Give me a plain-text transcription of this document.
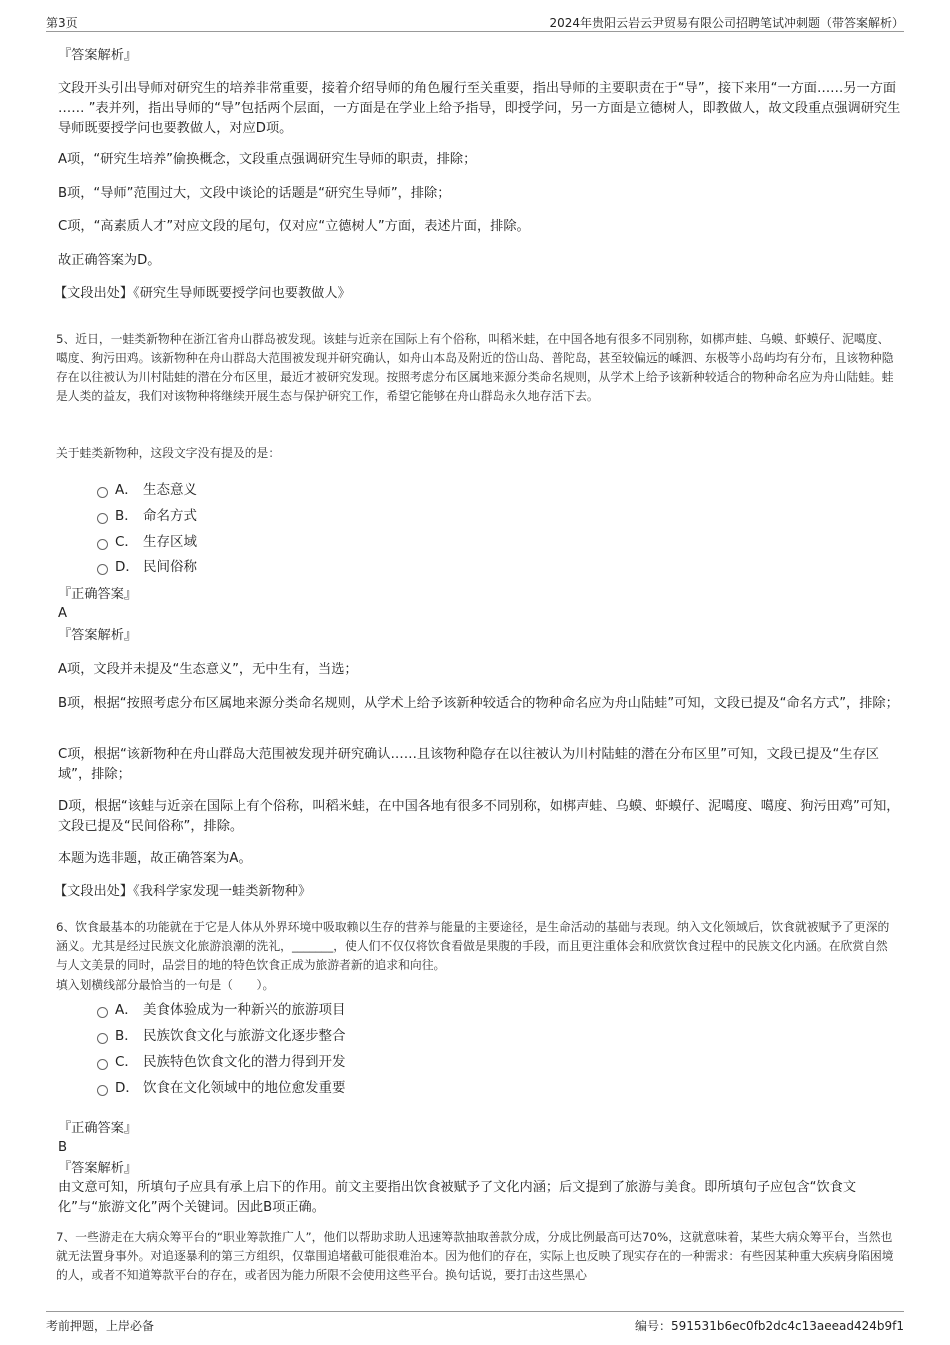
第3页	2024年贵阳云岩云尹贸易有限公司招聘笔试冲刺题（带答案解析）

『答案解析』

文段开头引出导师对研究生的培养非常重要，接着介绍导师的角色履行至关重要，指出导师的主要职责在于“导”，接下来用“一方面……另一方面 …… ”表并列，指出导师的“导”包括两个层面，一方面是在学业上给予指导，即授学问，另一方面是立德树人，即教做人，故文段重点强调研究生导师既要授学问也要教做人，对应D项。

A项，“研究生培养”偷换概念，文段重点强调研究生导师的职责，排除；

B项，“导师”范围过大，文段中谈论的话题是“研究生导师”，排除；

C项，“高素质人才”对应文段的尾句，仅对应“立德树人”方面，表述片面，排除。

故正确答案为D。

【文段出处】《研究生导师既要授学问也要教做人》

5、近日，一蛙类新物种在浙江省舟山群岛被发现。该蛙与近亲在国际上有个俗称，叫稻米蛙，在中国各地有很多不同别称，如梆声蛙、乌蟆、虾蟆仔、泥噶度、噶度、狗污田鸡。该新物种在舟山群岛大范围被发现并研究确认，如舟山本岛及附近的岱山岛、普陀岛，甚至较偏远的嵊泗、东极等小岛屿均有分布，且该物种隐存在以往被认为川村陆蛙的潜在分布区里，最近才被研究发现。按照考虑分布区属地来源分类命名规则，从学术上给予该新种较适合的物种命名应为舟山陆蛙。蛙是人类的益友，我们对该物种将继续开展生态与保护研究工作，希望它能够在舟山群岛永久地存活下去。

关于蛙类新物种，这段文字没有提及的是：

A． 生态意义
B． 命名方式
C． 生存区域
D． 民间俗称

『正确答案』

A

『答案解析』

A项，文段并未提及“生态意义”，无中生有，当选；

B项，根据“按照考虑分布区属地来源分类命名规则，从学术上给予该新种较适合的物种命名应为舟山陆蛙”可知，文段已提及“命名方式”，排除；

C项，根据“该新物种在舟山群岛大范围被发现并研究确认……且该物种隐存在以往被认为川村陆蛙的潜在分布区里”可知，文段已提及“生存区域”，排除；

D项，根据“该蛙与近亲在国际上有个俗称，叫稻米蛙，在中国各地有很多不同别称，如梆声蛙、乌蟆、虾蟆仔、泥噶度、噶度、狗污田鸡”可知，文段已提及“民间俗称”，排除。

本题为选非题，故正确答案为A。

【文段出处】《我科学家发现一蛙类新物种》

6、饮食最基本的功能就在于它是人体从外界环境中吸取赖以生存的营养与能量的主要途径，是生命活动的基础与表现。纳入文化领域后，饮食就被赋予了更深的涵义。尤其是经过民族文化旅游浪潮的洗礼，_______，使人们不仅仅将饮食看做是果腹的手段，而且更注重体会和欣赏饮食过程中的民族文化内涵。在欣赏自然与人文美景的同时，品尝目的地的特色饮食正成为旅游者新的追求和向往。

填入划横线部分最恰当的一句是（　　）。

A． 美食体验成为一种新兴的旅游项目
B． 民族饮食文化与旅游文化逐步整合
C． 民族特色饮食文化的潜力得到开发
D． 饮食在文化领域中的地位愈发重要

『正确答案』

B

『答案解析』

由文意可知，所填句子应具有承上启下的作用。前文主要指出饮食被赋予了文化内涵；后文提到了旅游与美食。即所填句子应包含“饮食文化”与“旅游文化”两个关键词。因此B项正确。

7、一些游走在大病众筹平台的“职业筹款推广人”，他们以帮助求助人迅速筹款抽取善款分成，分成比例最高可达70%，这就意味着，某些大病众筹平台，当然也就无法置身事外。对追逐暴利的第三方组织，仅靠围追堵截可能很难治本。因为他们的存在，实际上也反映了现实存在的一种需求：有些因某种重大疾病身陷困境的人，或者不知道筹款平台的存在，或者因为能力所限不会使用这些平台。换句话说，要打击这些黑心

考前押题，上岸必备	编号：591531b6ec0fb2dc4c13aeead424b9f1
